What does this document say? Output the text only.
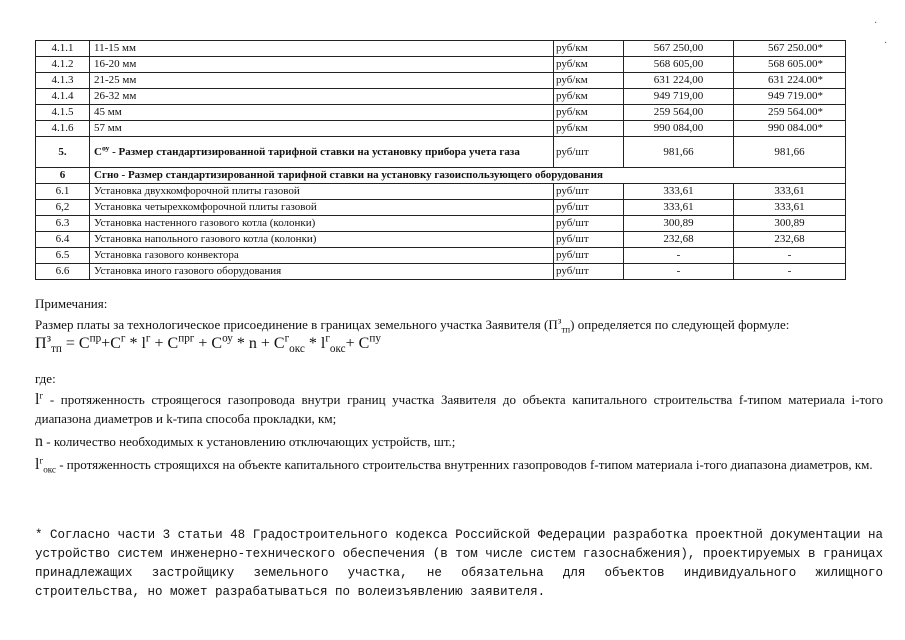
·
·
4.1.1	11-15 мм	руб/км	567 250,00	567 250.00*
4.1.2	16-20 мм	руб/км	568 605,00	568 605.00*
4.1.3	21-25 мм	руб/км	631 224,00	631 224.00*
4.1.4	26-32 мм	руб/км	949 719,00	949 719.00*
4.1.5	45 мм	руб/км	259 564,00	259 564.00*
4.1.6	57 мм	руб/км	990 084,00	990 084.00*
5.	$С^{оу}$ - Размер стандартизированной тарифной ставки на установку прибора учета газа	руб/шт	981,66	981,66
6	Сгно - Размер стандартизированной тарифной ставки на установку газоиспользующего оборудования			
6.1	Установка двухкомфорочной плиты газовой	руб/шт	333,61	333,61
6,2	Установка четырехкомфорочной плиты газовой	руб/шт	333,61	333,61
6.3	Установка настенного газового котла (колонки)	руб/шт	300,89	300,89
6.4	Установка напольного газового котла (колонки)	руб/шт	232,68	232,68
6.5	Установка газового конвектора	руб/шт	-	-
6.6	Установка иного газового оборудования	руб/шт	-	-

Примечания:

Размер платы за технологическое присоединение в границах земельного участка Заявителя $(П^з_{тп})$ определяется по следующей формуле:

$П^з_{тп} = С^{пр}+С^г * l^г + С^{прг} + С^{оу} * n + С^г_{окс} * l^г_{окс}+ С^{пу}$

где:

$l^г$ - протяженность строящегося газопровода внутри границ участка Заявителя до объекта капитального строительства f-типом материала i-того диапазона диаметров и k-типа способа прокладки, км;

n - количество необходимых к установлению отключающих устройств, шт.;

$l^г_{окс}$ - протяженность строящихся на объекте капитального строительства внутренних газопроводов f-типом материала i-того диапазона диаметров, км.

* Согласно части 3 статьи 48 Градостроительного кодекса Российской Федерации разработка проектной документации на устройство систем инженерно-технического обеспечения (в том числе систем газоснабжения), проектируемых в границах принадлежащих застройщику земельного участка, не обязательна для объектов индивидуального жилищного строительства, но может разрабатываться по волеизъявлению заявителя.
